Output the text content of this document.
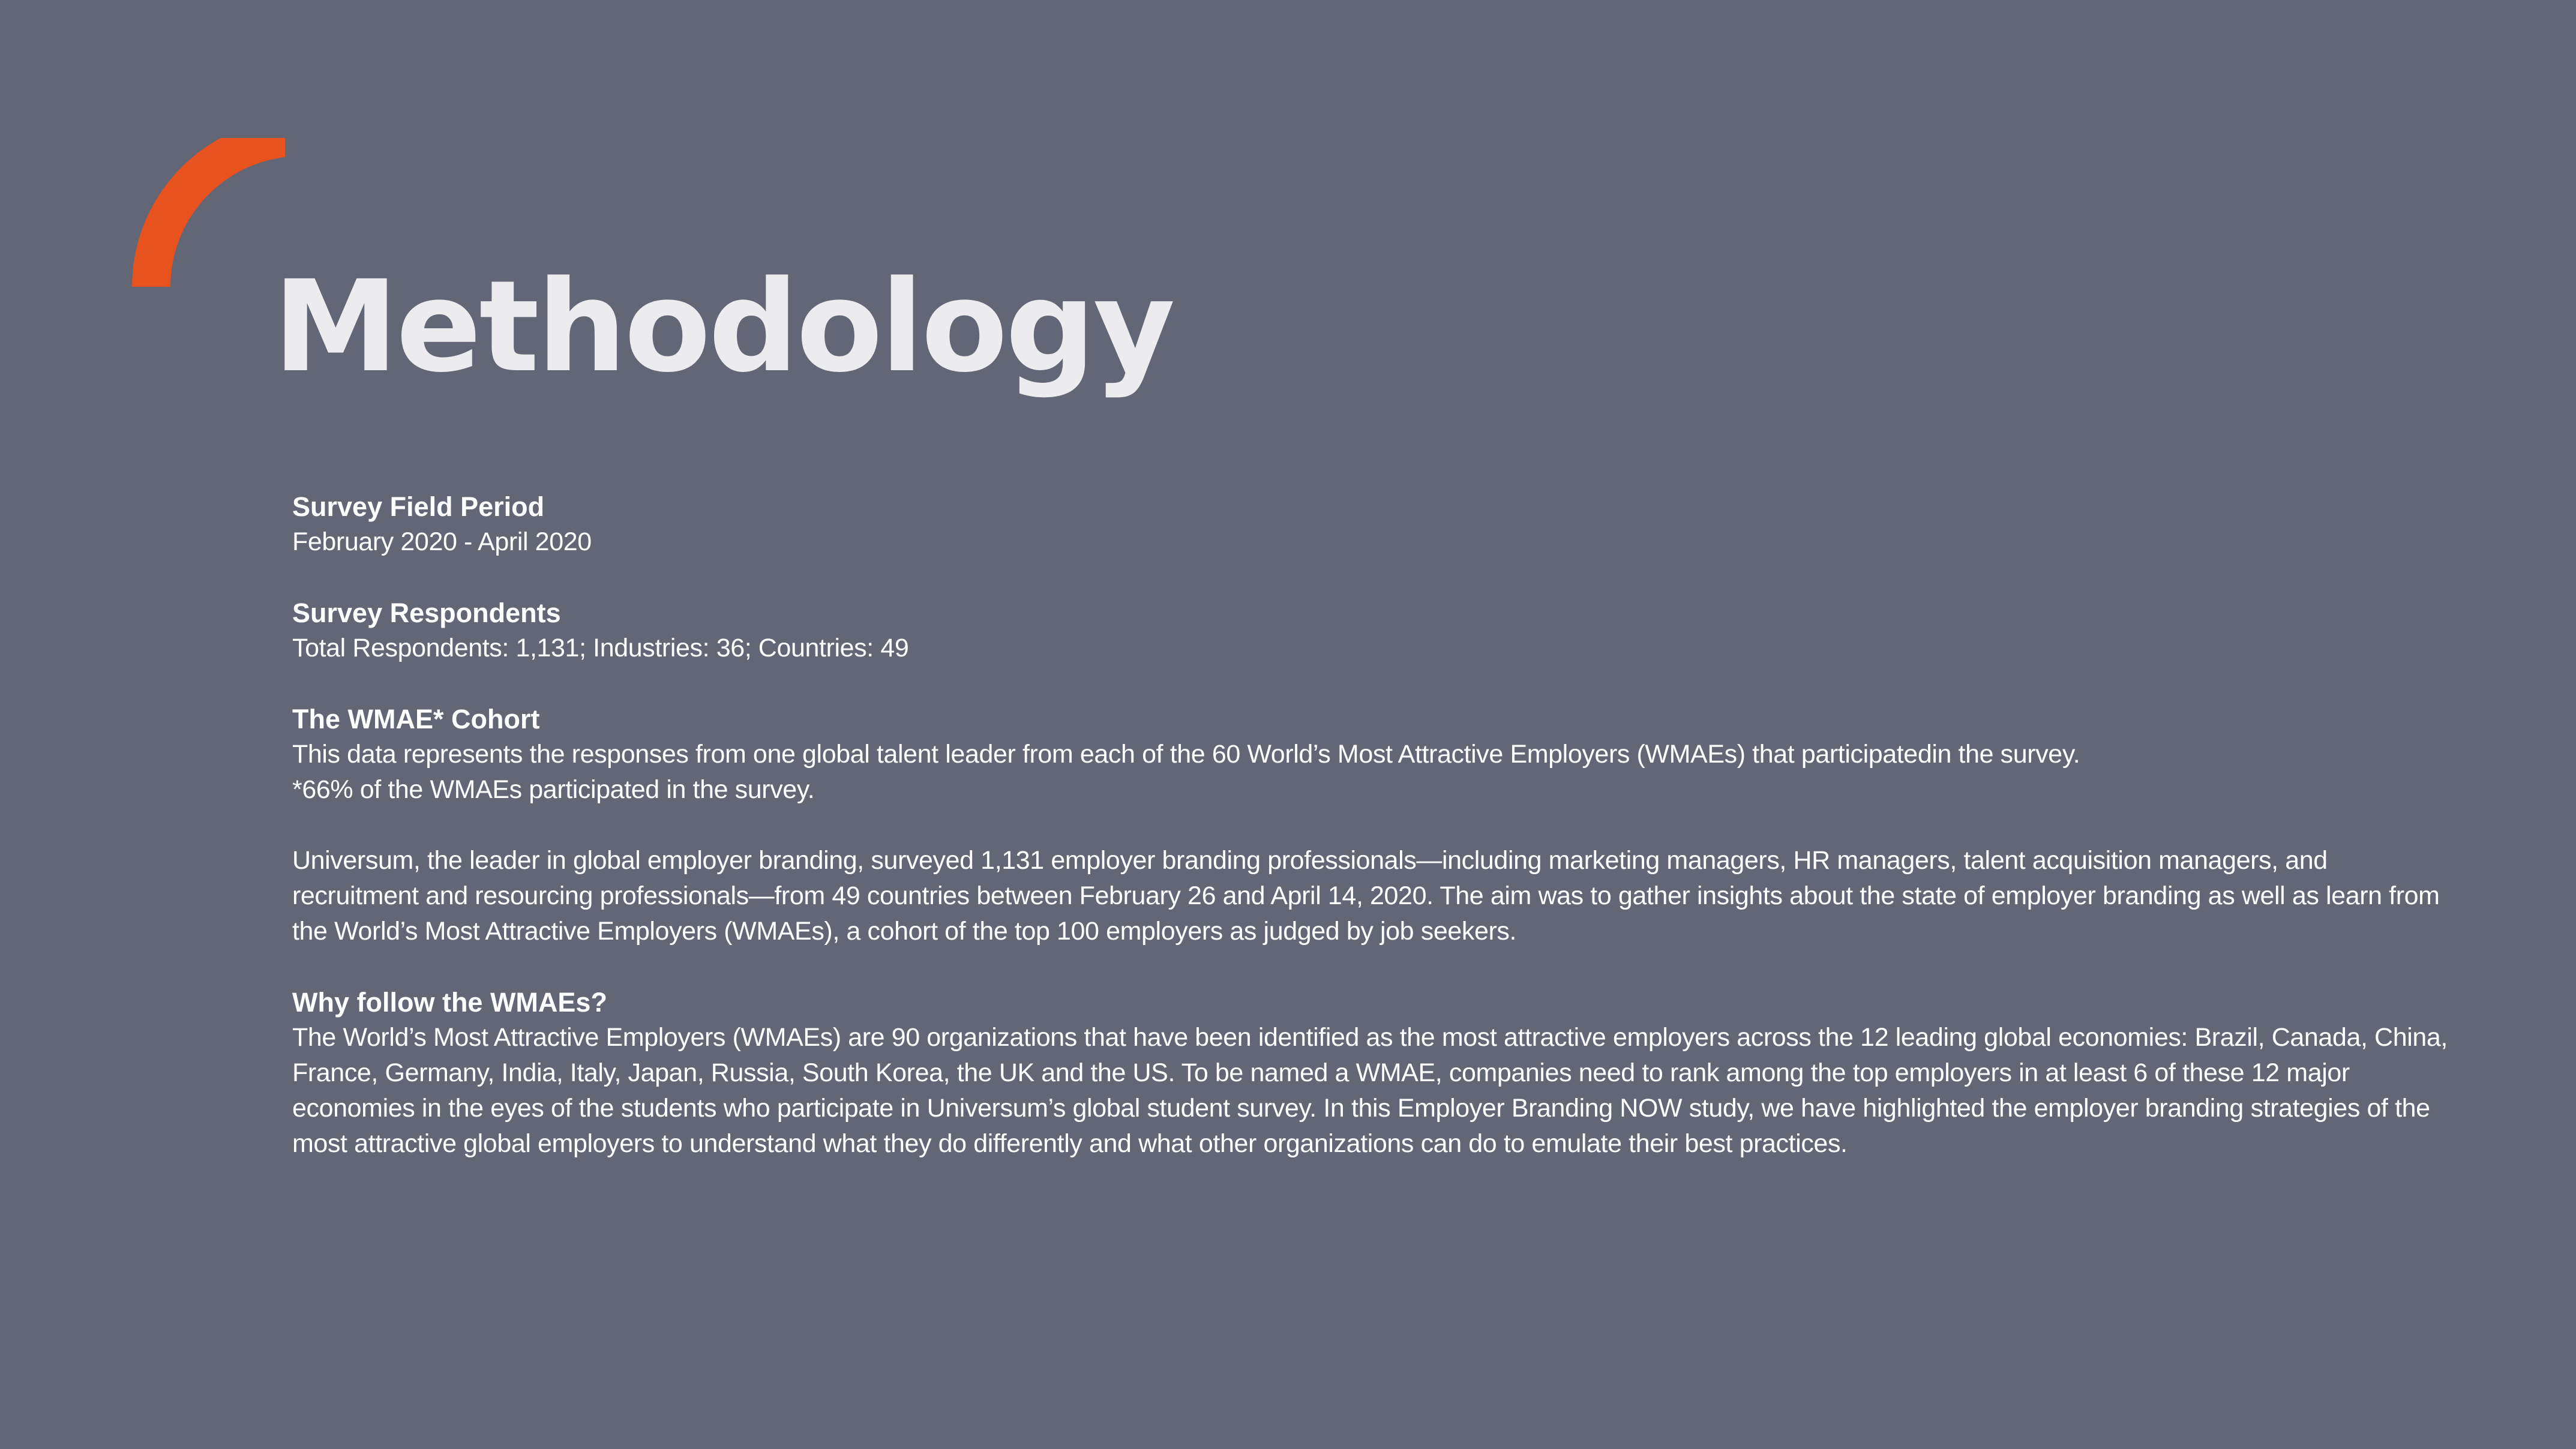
Methodology
Survey Field Period
February 2020 - April 2020
Survey Respondents
Total Respondents: 1,131; Industries: 36; Countries: 49
The WMAE* Cohort
This data represents the responses from one global talent leader from each of the 60 World’s Most Attractive Employers (WMAEs) that participatedin the survey.
*66% of the WMAEs participated in the survey.
Universum, the leader in global employer branding, surveyed 1,131 employer branding professionals—including marketing managers, HR managers, talent acquisition managers, and recruitment and resourcing professionals—from 49 countries between February 26 and April 14, 2020. The aim was to gather insights about the state of employer branding as well as learn from the World’s Most Attractive Employers (WMAEs), a cohort of the top 100 employers as judged by job seekers.
Why follow the WMAEs?
The World’s Most Attractive Employers (WMAEs) are 90 organizations that have been identified as the most attractive employers across the 12 leading global economies: Brazil, Canada, China, France, Germany, India, Italy, Japan, Russia, South Korea, the UK and the US. To be named a WMAE, companies need to rank among the top employers in at least 6 of these 12 major economies in the eyes of the students who participate in Universum’s global student survey. In this Employer Branding NOW study, we have highlighted the employer branding strategies of the most attractive global employers to understand what they do differently and what other organizations can do to emulate their best practices.
